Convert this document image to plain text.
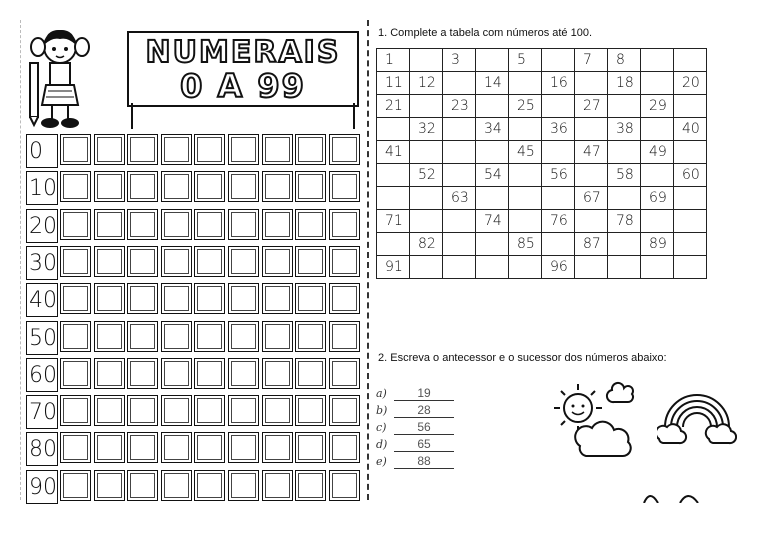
NUMERAIS
0 A 99
0
10
20
30
40
50
60
70
80
90
1. Complete a tabela com números até 100.
1		3		5		7	8		
11	12		14		16		18		20
21		23		25		27		29	
	32		34		36		38		40
41				45		47		49	
	52		54		56		58		60
		63				67		69	
71			74		76		78		
	82			85		87		89	
91					96				
2. Escreva o antecessor e o sucessor dos números abaixo:
a)	19
b)	28
c)	56
d)	65
e)	88
